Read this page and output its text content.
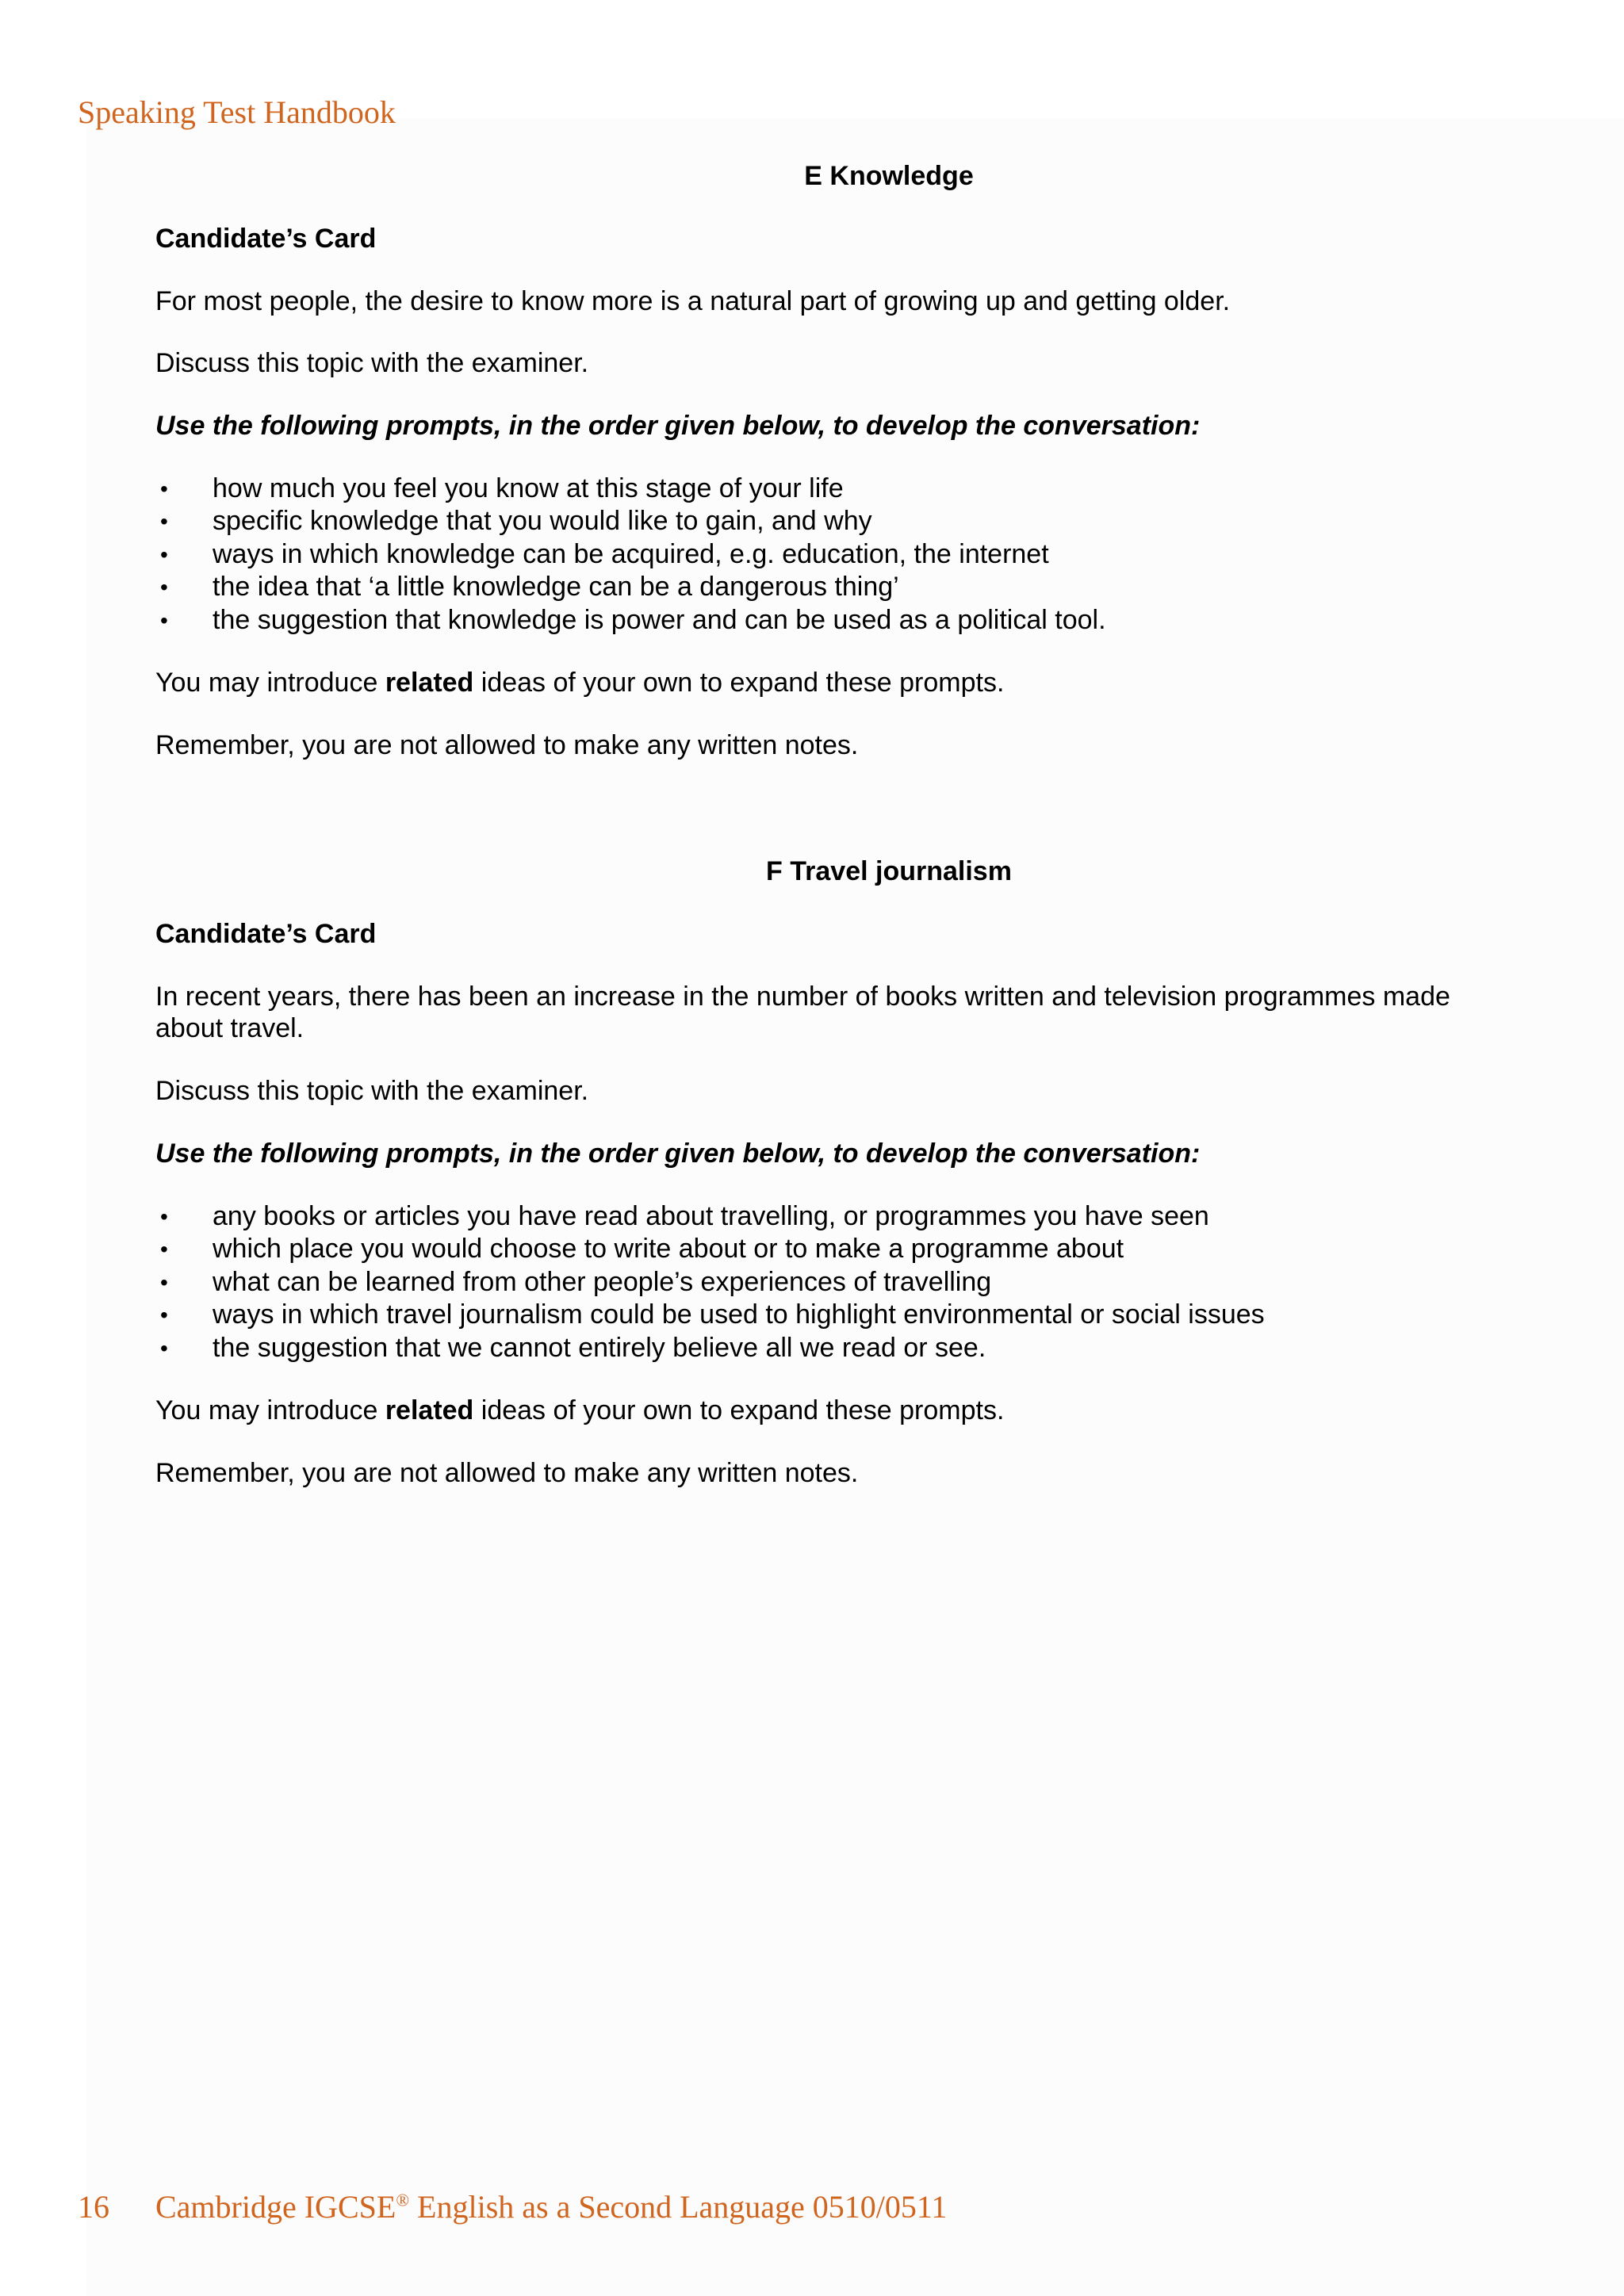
Speaking Test Handbook
E Knowledge
Candidate’s Card
For most people, the desire to know more is a natural part of growing up and getting older.
Discuss this topic with the examiner.
Use the following prompts, in the order given below, to develop the conversation:
• how much you feel you know at this stage of your life
• specific knowledge that you would like to gain, and why
• ways in which knowledge can be acquired, e.g. education, the internet
• the idea that ‘a little knowledge can be a dangerous thing’
• the suggestion that knowledge is power and can be used as a political tool.
You may introduce related ideas of your own to expand these prompts.
Remember, you are not allowed to make any written notes.
F Travel journalism
Candidate’s Card
In recent years, there has been an increase in the number of books written and television programmes made about travel.
Discuss this topic with the examiner.
Use the following prompts, in the order given below, to develop the conversation:
• any books or articles you have read about travelling, or programmes you have seen
• which place you would choose to write about or to make a programme about
• what can be learned from other people’s experiences of travelling
• ways in which travel journalism could be used to highlight environmental or social issues
• the suggestion that we cannot entirely believe all we read or see.
You may introduce related ideas of your own to expand these prompts.
Remember, you are not allowed to make any written notes.
16 Cambridge IGCSE® English as a Second Language 0510/0511
